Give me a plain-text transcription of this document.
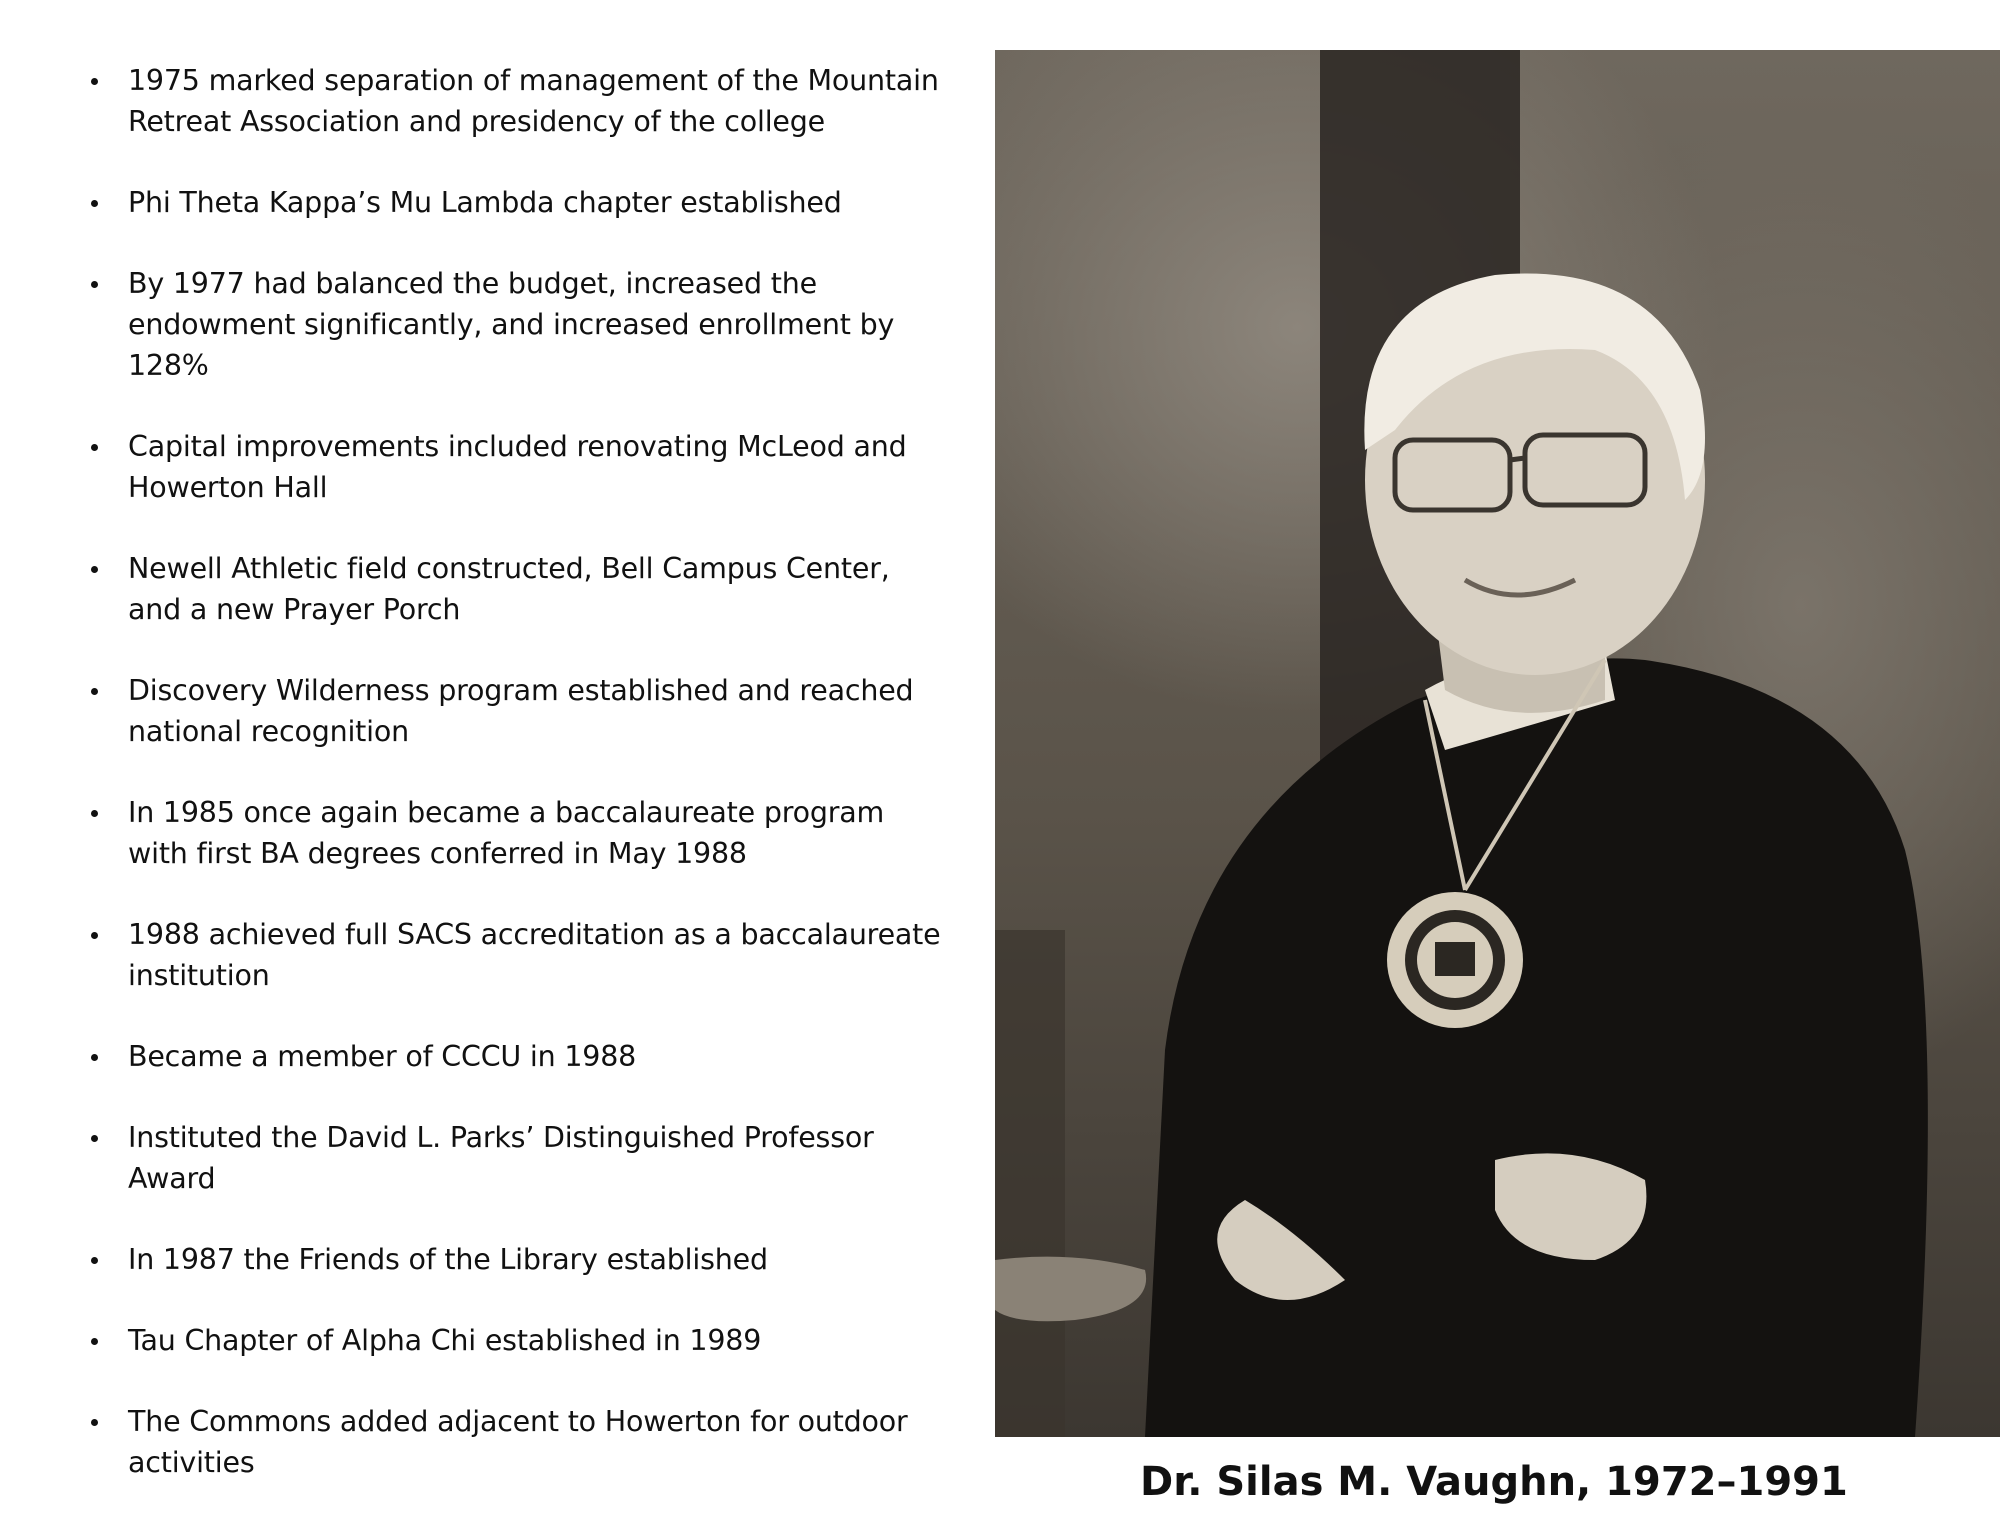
1975 marked separation of management of the Mountain Retreat Association and presidency of the college
Phi Theta Kappa’s Mu Lambda chapter established
By 1977 had balanced the budget, increased the endowment significantly, and increased enrollment by 128%
Capital improvements included renovating McLeod and Howerton Hall
Newell Athletic field constructed, Bell Campus Center, and a new Prayer Porch
Discovery Wilderness program established and reached national recognition
In 1985 once again became a baccalaureate program with first BA degrees conferred in May 1988
1988 achieved full SACS accreditation as a baccalaureate institution
Became a member of CCCU in 1988
Instituted the David L. Parks’ Distinguished Professor Award
In 1987 the Friends of the Library established
Tau Chapter of Alpha Chi established in 1989
The Commons added adjacent to Howerton for outdoor activities	Dr. Silas M. Vaughn, 1972–1991
